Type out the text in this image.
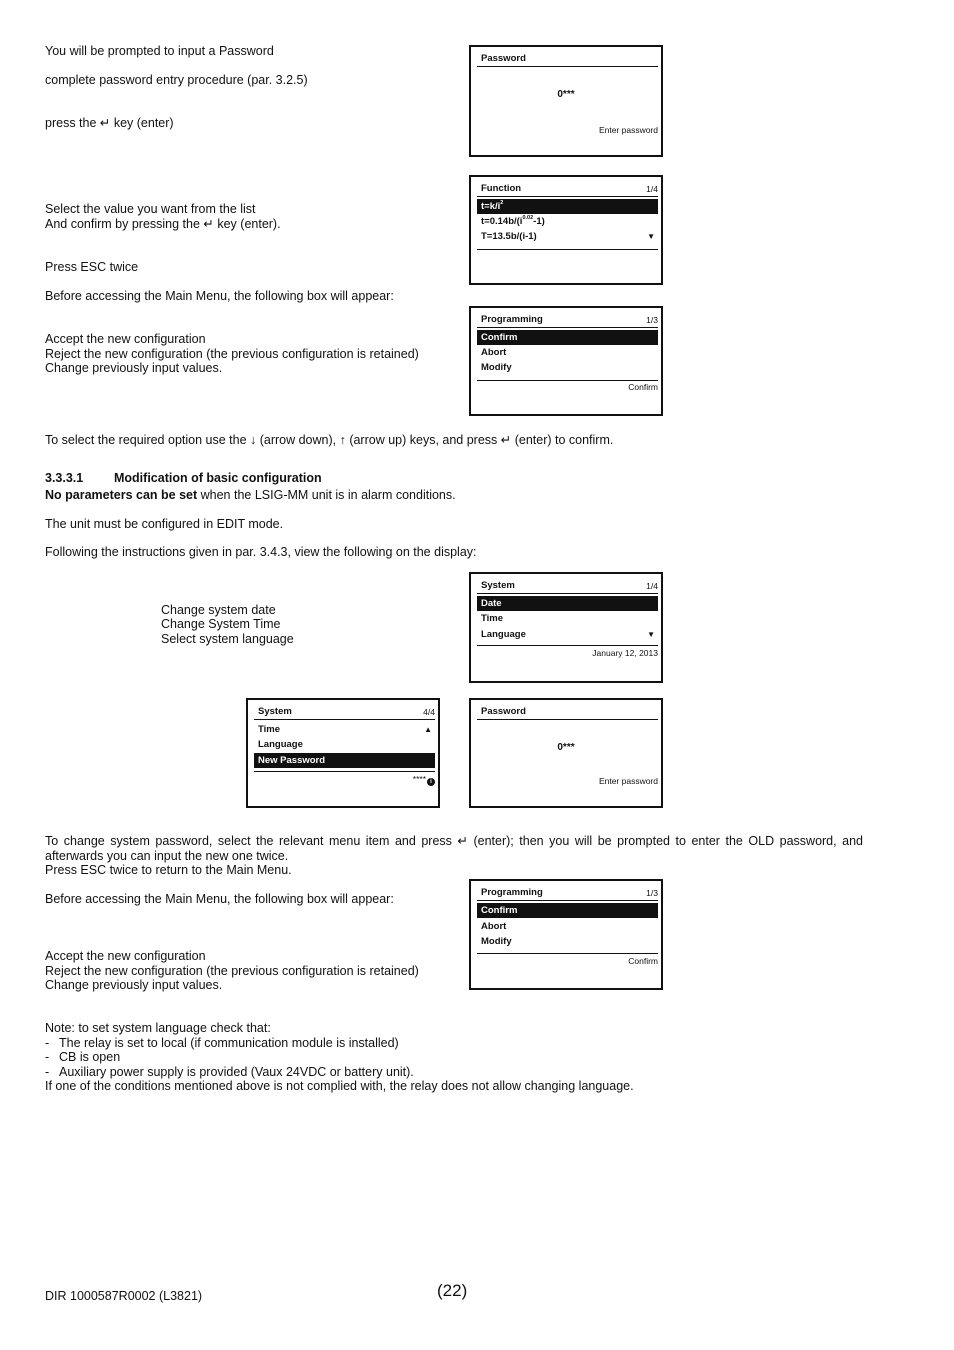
You will be prompted to input a Password
complete password entry procedure (par. 3.2.5)
press the ↵ key (enter)
Password
0***
Enter password
Select the value you want from the list
And confirm by pressing the ↵ key (enter).
Press ESC twice
Before accessing the Main Menu, the following box will appear:
Function	1/4
$t=k/i^2$
$t=0.14b/(i^{0.02}-1)$
T=13.5b/(i-1)	▼
Accept the new configuration
Reject the new configuration (the previous configuration is retained)
Change previously input values.
Programming	1/3
Confirm
Abort
Modify
Confirm
To select the required option use the ↓ (arrow down), ↑ (arrow up) keys, and press ↵ (enter) to confirm.
3.3.3.1 Modification of basic configuration
No parameters can be set when the LSIG-MM unit is in alarm conditions.
The unit must be configured in EDIT mode.
Following the instructions given in par. 3.4.3, view the following on the display:
Change system date
Change System Time
Select system language
System	1/4
Date
Time
Language	▼
January 12, 2013
System	4/4
Time	▲
Language
New Password
**** i
Password
0***
Enter password
To change system password, select the relevant menu item and press ↵ (enter); then you will be prompted to enter the OLD password, and afterwards you can input the new one twice.
Press ESC twice to return to the Main Menu.
Before accessing the Main Menu, the following box will appear:
Accept the new configuration
Reject the new configuration (the previous configuration is retained)
Change previously input values.
Programming	1/3
Confirm
Abort
Modify
Confirm
Note: to set system language check that:
- The relay is set to local (if communication module is installed)
- CB is open
- Auxiliary power supply is provided (Vaux 24VDC or battery unit).
If one of the conditions mentioned above is not complied with, the relay does not allow changing language.
DIR 1000587R0002 (L3821)	(22)
